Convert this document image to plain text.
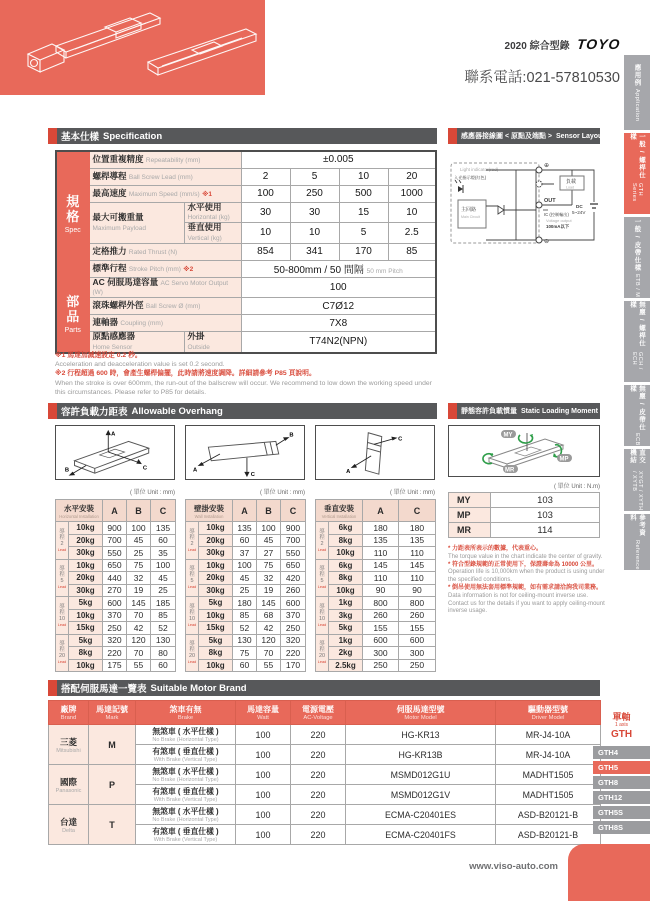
2020 綜合型錄 TOYO
聯系電話:021-57810530 應用例
Application
一般 / 螺桿仕樣
GTH Series
一般 / 皮帶仕樣
ETB / M
無塵 / 螺桿仕樣
GCH / ECH
無塵 / 皮帶仕樣
ECB
直交機結
XYGT / XYTH / XYTB
參考資料
Reference
基本仕樣 Specification
規格
Spec	位置重複精度 Repeatability (mm)		±0.005			
	螺桿導程 Ball Screw Lead (mm)		2	5	10	20
	最高速度 Maximum Speed (mm/s) ※1		100	250	500	1000
	最大可搬重量
Maximum Payload	水平使用 Horizontal (kg)	30	30	15	10
		垂直使用 Vertical (kg)	10	10	5	2.5
	定格推力 Rated Thrust (N)		854	341	170	85
	標準行程 Stroke Pitch (mm) ※2		50-800mm / 50 間隔 50 mm Pitch			

部品
Parts	AC 伺服馬達容量 AC Servo Motor Output (W)		100			
	滾珠螺桿外徑 Ball Screw Ø (mm)		C7Ø12			
	連軸器 Coupling (mm)		7X8			
	原點感應器
Home Sensor	外掛
Outside	T74N2(NPN)			
※1 馬達加減速設定 0.2 秒。
Acceleration and deacceleration value is set 0.2 second.
※2 行程超過 600 時，會產生螺桿偏擺，此時請將速度調降。詳細請參考 P85 頁說明。
When the stroke is over 600mm, the run-out of the ballscrew will occur. We recommend to low down the working speed under this circumstances. Please refer to P85 for details.
感應器接線圖 < 原點及端點 > Sensor Layout
Light indicator(red)
入光指示燈(紅色)
主回路
Main Circuit
⊕
OUT
⊖
負載
Load
DC
5~24V
IC (控制輸出)
Voltage output
100mA以下
容許負載力距表 Allowable Overhang
A
B	C
( 單位 Unit : mm)
水平安裝
Horizontal Installation		A	B	C

導
程
2
Lead	10kg	900	100	135
	20kg	700	45	60
	30kg	550	25	35

導
程
5
Lead	10kg	650	75	100
	20kg	440	32	45
	30kg	270	19	25

導
程
10
Lead	5kg	600	145	185
	10kg	370	70	85
	15kg	250	42	52

導
程
20
Lead	5kg	320	120	130
	8kg	220	70	80
	10kg	175	55	60
A
B
C
( 單位 Unit : mm)
壁掛安裝
Wall Installation		A	B	C

導
程
2
Lead	10kg	135	100	900
	20kg	60	45	700
	30kg	37	27	550

導
程
5
Lead	10kg	100	75	650
	20kg	45	32	420
	30kg	25	19	260

導
程
10
Lead	5kg	180	145	600
	10kg	85	68	370
	15kg	52	42	250

導
程
20
Lead	5kg	130	120	320
	8kg	75	70	220
	10kg	60	55	170
C
A
( 單位 Unit : mm)
垂直安裝
Vertical Installation		A	C

導
程
2
Lead	6kg	180	180
	8kg	135	135
	10kg	110	110

導
程
5
Lead	6kg	145	145
	8kg	110	110
	10kg	90	90

導
程
10
Lead	1kg	800	800
	3kg	260	260
	5kg	155	155

導
程
20
Lead	1kg	600	600
	2kg	300	300
	2.5kg	250	250
靜態容許負載慣量 Static Loading Moment
MY
MP
MR
( 單位 Unit : N.m)
MY	103
MP	103
MR	114
* 力距表所表示的數據，代表重心。
The torque value in the chart indicate the center of gravity.
* 符合型錄規範的正常使用下，保證壽命為 10000 公里。
Operation life is 10,000km when the product is using under the specified conditions.
* 倒吊使用無法套用標準規範，如有需求請洽詢我司業務。
Data information is not for ceiling-mount inverse use. Contact us for the details if you want to apply ceiling-mount inverse usage.
搭配伺服馬達一覽表 Suitable Motor Brand
廠牌
Brand	馬達記號
Mark	煞車有無
Brake	馬達容量
Watt	電源電壓
AC-Voltage	伺服馬達型號
Motor Model	驅動器型號
Driver Model

三菱
Mitsubishi	M	無煞車 ( 水平仕樣 )
No Brake (Horizontal Type)	100	220	HG-KR13	MR-J4-10A

		有煞車 ( 垂直仕樣 )
With Brake (Vertical Type)	100	220	HG-KR13B	MR-J4-10A

國際
Panasonic	P	無煞車 ( 水平仕樣 )
No Brake (Horizontal Type)	100	220	MSMD012G1U	MADHT1505

		有煞車 ( 垂直仕樣 )
With Brake (Vertical Type)	100	220	MSMD012G1V	MADHT1505

台達
Delta	T	無煞車 ( 水平仕樣 )
No Brake (Horizontal Type)	100	220	ECMA-C20401ES	ASD-B20121-B

		有煞車 ( 垂直仕樣 )
With Brake (Vertical Type)	100	220	ECMA-C20401FS	ASD-B20121-B
單軸
1 axis
GTH
GTH4
GTH5
GTH8
GTH12
GTH5S
GTH8S
www.viso-auto.com
